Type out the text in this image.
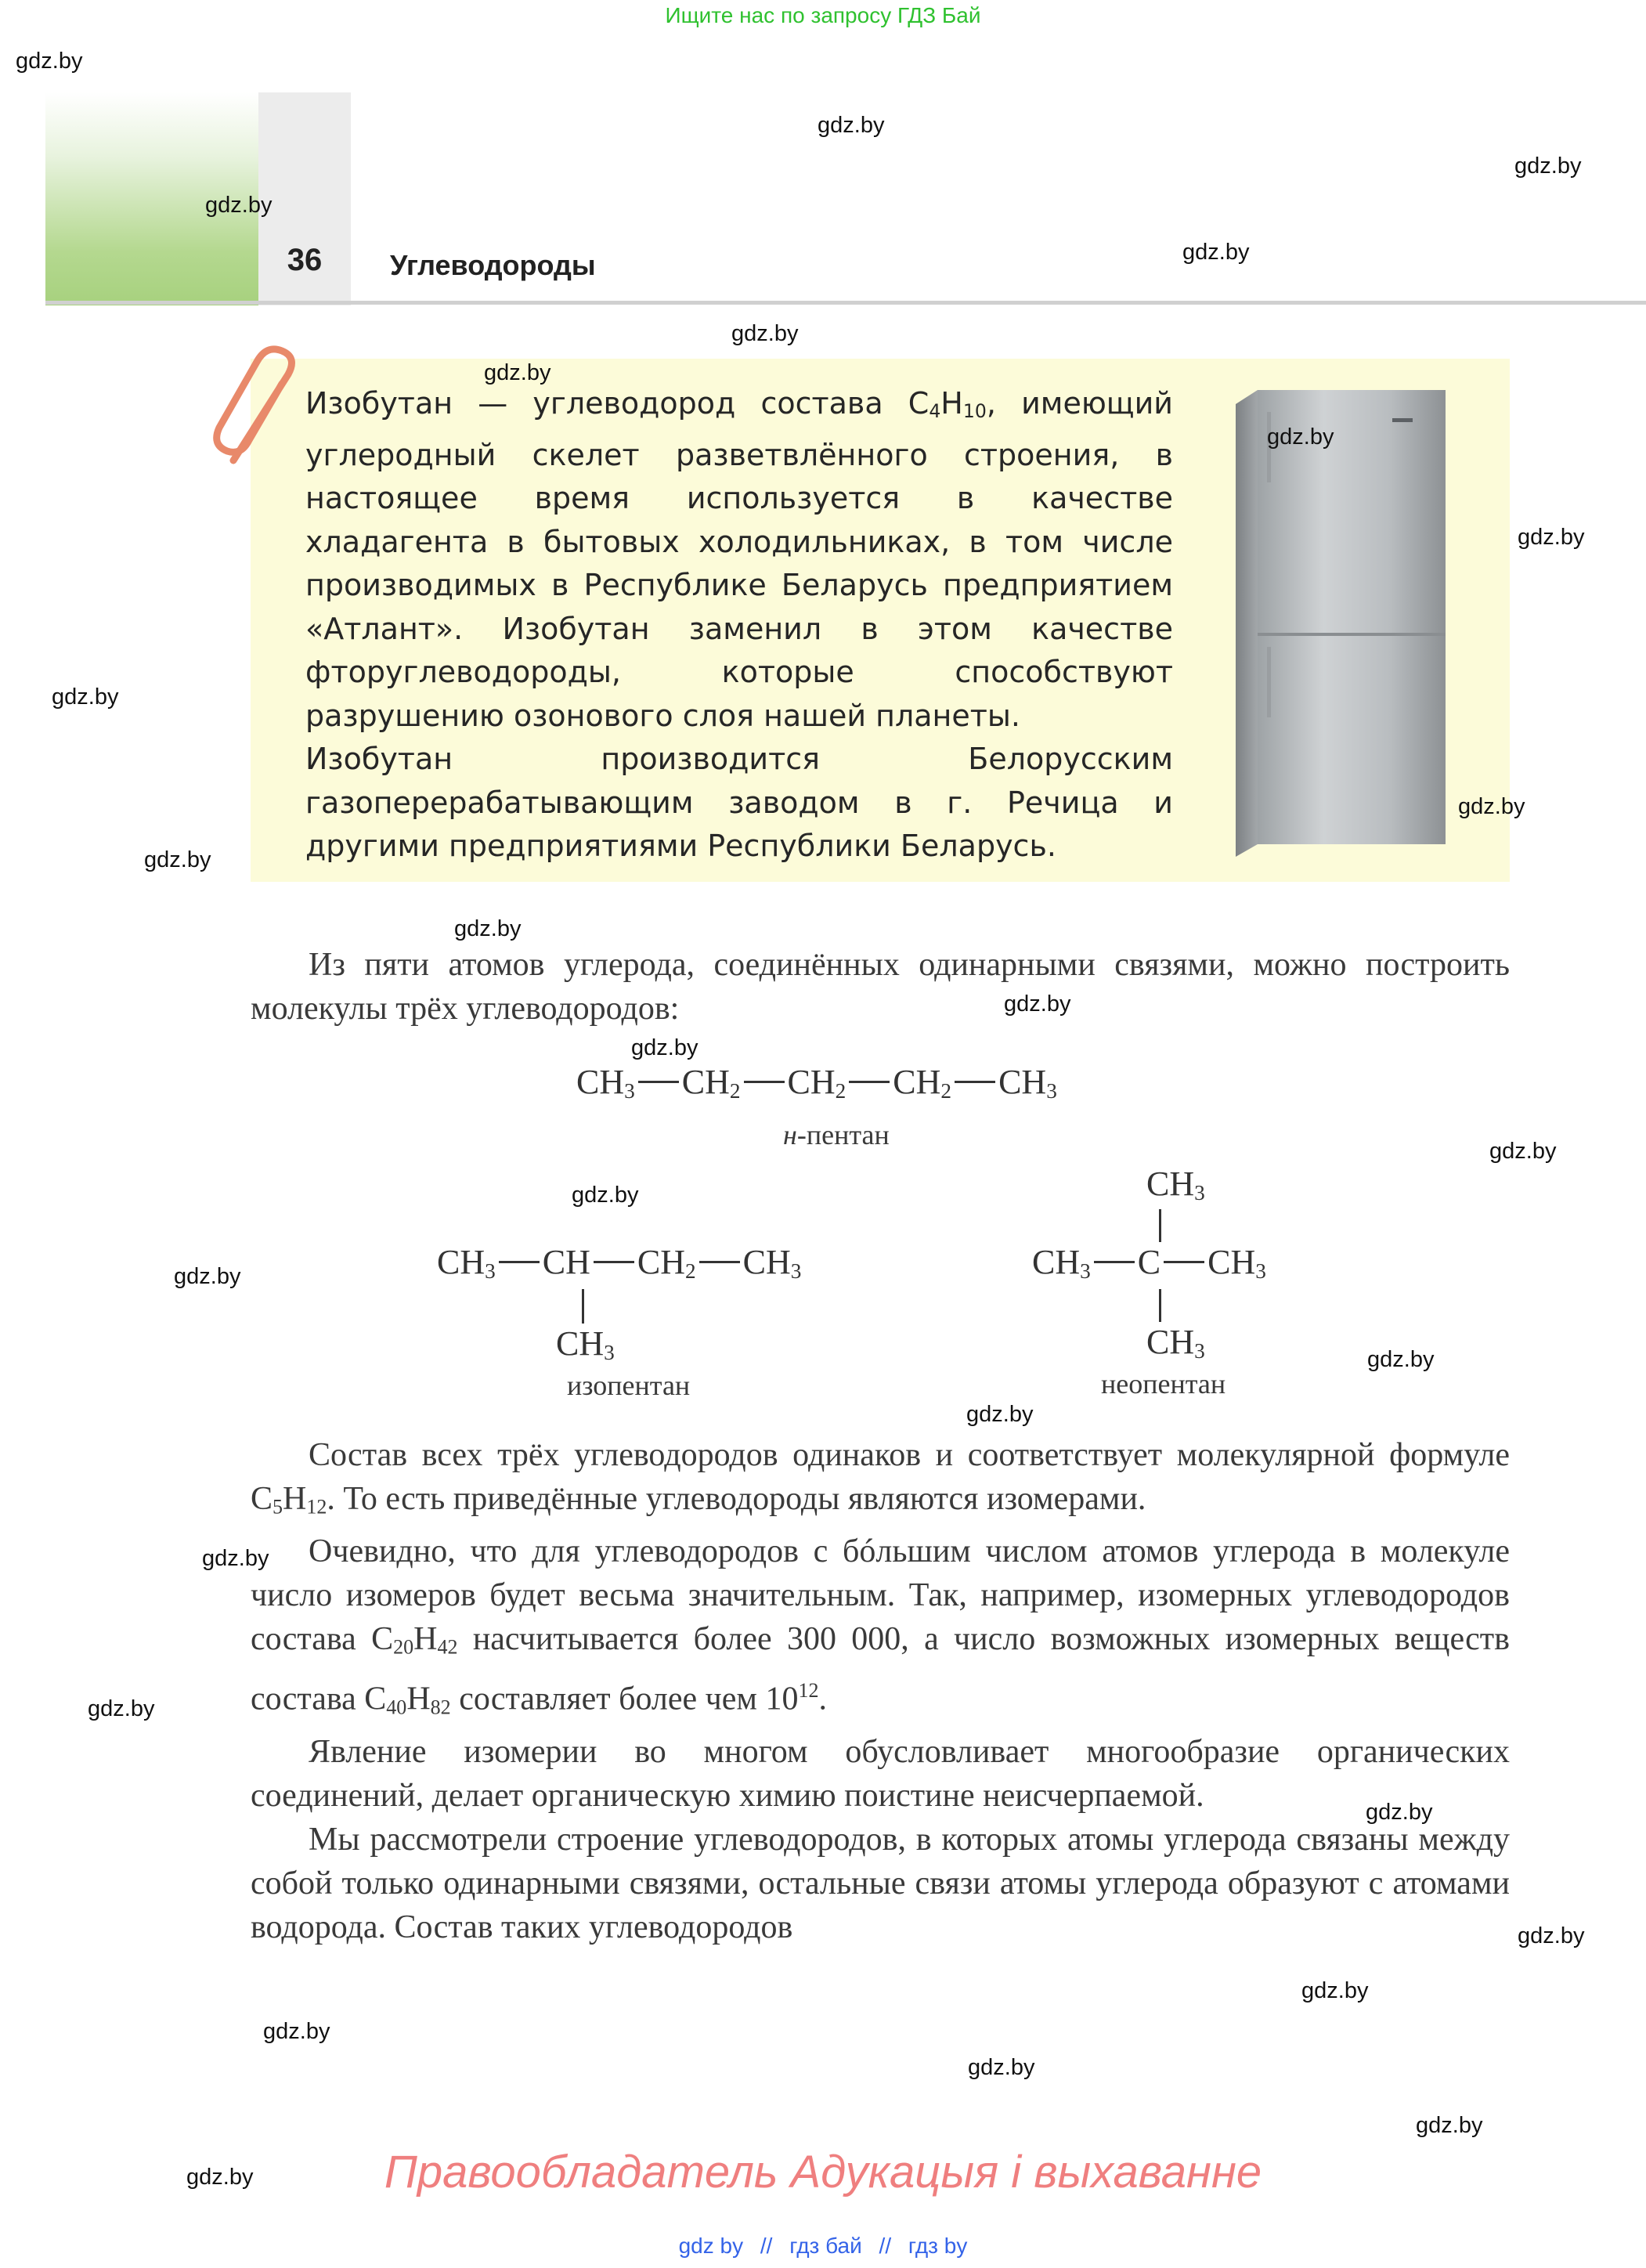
Ищите нас по запросу ГДЗ Бай
36	Углеводороды

Изобутан — углеводород состава $C_4H_{10}$, имеющий углеродный скелет разветвлённого строения, в настоящее время используется в качестве хладагента в бытовых холодильниках, в том числе производимых в Республике Беларусь предприятием «Атлант». Изобутан заменил в этом качестве фторуглеводороды, которые способствуют разрушению озонового слоя нашей планеты.

Изобутан производится Белорусским газоперерабатывающим заводом в г. Речица и другими предприятиями Республики Беларусь.

Из пяти атомов углерода, соединённых одинарными связями, можно построить молекулы трёх углеводородов:

$CH_3$ $CH_2$ $CH_2$ $CH_2$ $CH_3$
н-пентан
$CH_3$ CH $CH_2$ $CH_3$
$CH_3$
изопентан
$CH_3$
$CH_3$ C $CH_3$
$CH_3$
неопентан

Состав всех трёх углеводородов одинаков и соответствует молекулярной формуле $C_5H_{12}$. То есть приведённые углеводороды являются изомерами.

Очевидно, что для углеводородов с бóльшим числом атомов углерода в молекуле число изомеров будет весьма значительным. Так, например, изомерных углеводородов состава $C_{20}H_{42}$ насчитывается более 300 000, а число возможных изомерных веществ состава $C_{40}H_{82}$ составляет более чем $10^{12}$.

Явление изомерии во многом обусловливает многообразие органических соединений, делает органическую химию поистине неисчерпаемой.

Мы рассмотрели строение углеводородов, в которых атомы углерода связаны между собой только одинарными связями, остальные связи атомы углерода образуют с атомами водорода. Состав таких углеводородов

gdz.by
gdz.by
gdz.by
gdz.by
gdz.by
gdz.by
gdz.by
gdz.by
gdz.by
gdz.by
gdz.by
gdz.by
gdz.by
gdz.by
gdz.by
gdz.by
gdz.by
gdz.by
gdz.by
gdz.by
gdz.by
gdz.by
gdz.by
gdz.by
gdz.by
gdz.by
gdz.by
gdz.by
gdz.by	Правообладатель Адукацыя і выхаванне
gdz by // гдз бай // гдз by
